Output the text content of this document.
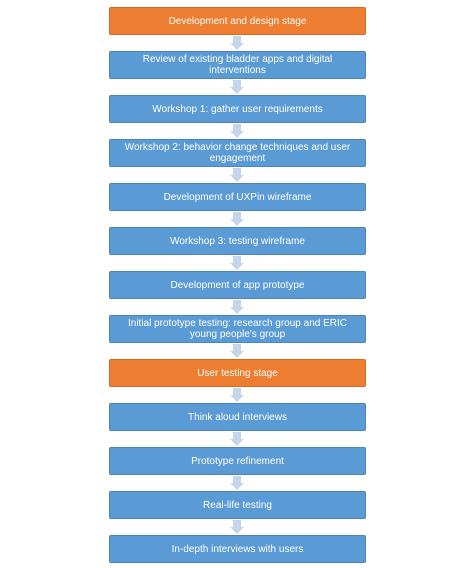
Development and design stage
Review of existing bladder apps and digital interventions
Workshop 1: gather user requirements
Workshop 2: behavior change techniques and user engagement
Development of UXPin wireframe
Workshop 3: testing wireframe
Development of app prototype
Initial prototype testing: research group and ERIC young people's group
User testing stage
Think aloud interviews
Prototype refinement
Real-life testing
In-depth interviews with users
